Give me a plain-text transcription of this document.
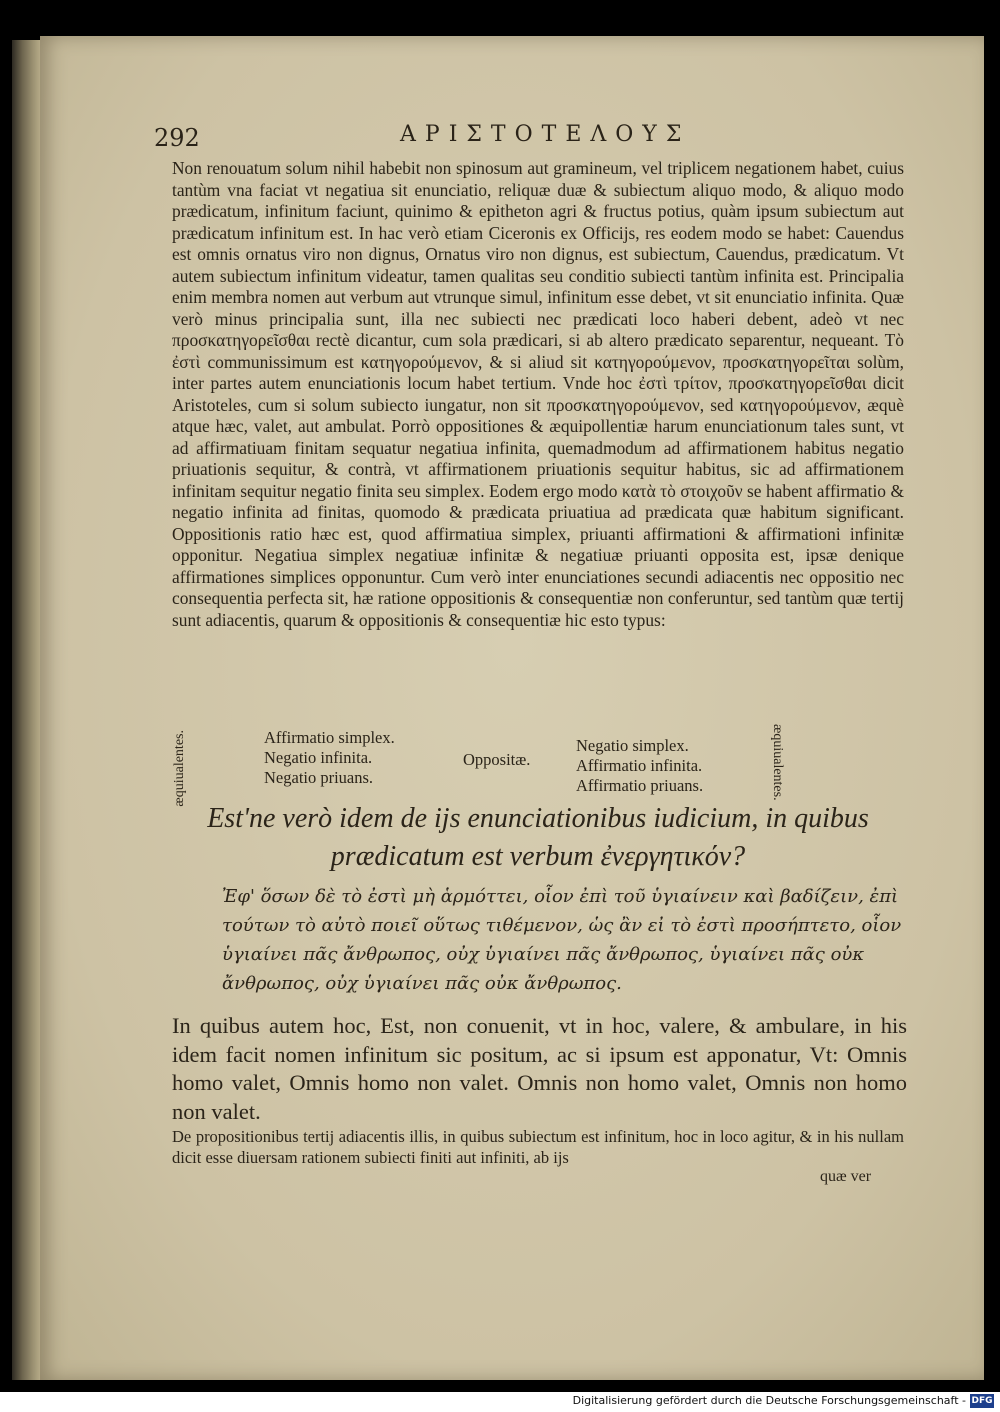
292	ΑΡΙΣΤΟΤΕΛΟΥΣ
Non renouatum solum nihil habebit non spinosum aut gramineum, vel triplicem negationem habet, cuius tantùm vna faciat vt negatiua sit enunciatio, reliquæ duæ & subiectum aliquo modo, & aliquo modo prædicatum, infinitum faciunt, quinimo & epitheton agri & fructus potius, quàm ipsum subiectum aut prædicatum infinitum est. In hac verò etiam Ciceronis ex Officijs, res eodem modo se habet: Cauendus est omnis ornatus viro non dignus, Ornatus viro non dignus, est subiectum, Cauendus, prædicatum. Vt autem subiectum infinitum videatur, tamen qualitas seu conditio subiecti tantùm infinita est. Principalia enim membra nomen aut verbum aut vtrunque simul, infinitum esse debet, vt sit enunciatio infinita. Quæ verò minus principalia sunt, illa nec subiecti nec prædicati loco haberi debent, adeò vt nec προσκατηγορεῖσθαι rectè dicantur, cum sola prædicari, si ab altero prædicato separentur, nequeant. Τὸ ἐστὶ communissimum est κατηγορούμενον, & si aliud sit κατηγορούμενον, προσκατηγορεῖται solùm, inter partes autem enunciationis locum habet tertium. Vnde hoc ἐστὶ τρίτον, προσκατηγορεῖσθαι dicit Aristoteles, cum si solum subiecto iungatur, non sit προσκατηγορούμενον, sed κατηγορούμενον, æquè atque hæc, valet, aut ambulat. Porrò oppositiones & æquipollentiæ harum enunciationum tales sunt, vt ad affirmatiuam finitam sequatur negatiua infinita, quemadmodum ad affirmationem habitus negatio priuationis sequitur, & contrà, vt affirmationem priuationis sequitur habitus, sic ad affirmationem infinitam sequitur negatio finita seu simplex. Eodem ergo modo κατὰ τὸ στοιχοῦν se habent affirmatio & negatio infinita ad finitas, quomodo & prædicata priuatiua ad prædicata quæ habitum significant. Oppositionis ratio hæc est, quod affirmatiua simplex, priuanti affirmationi & affirmationi infinitæ opponitur. Negatiua simplex negatiuæ infinitæ & negatiuæ priuanti opposita est, ipsæ denique affirmationes simplices opponuntur. Cum verò inter enunciationes secundi adiacentis nec oppositio nec consequentia perfecta sit, hæ ratione oppositionis & consequentiæ non conferuntur, sed tantùm quæ tertij sunt adiacentis, quarum & oppositionis & consequentiæ hic esto typus:
æquiualentes.	Affirmatio simplex.
Negatio infinita.
Negatio priuans.
Oppositæ.
Negatio simplex.
Affirmatio infinita.
Affirmatio priuans.	æquiualentes.
Est'ne verò idem de ijs enunciationibus iudicium, in quibus prædicatum est verbum ἐνεργητικόν?
Ἐφ' ὅσων δὲ τὸ ἐστὶ μὴ ἁρμόττει, οἷον ἐπὶ τοῦ ὑγιαίνειν καὶ βαδίζειν, ἐπὶ τούτων τὸ αὐτὸ ποιεῖ οὕτως τιθέμενον, ὡς ἂν εἰ τὸ ἐστὶ προσήπτετο, οἷον ὑγιαίνει πᾶς ἄνθρωπος, οὐχ ὑγιαίνει πᾶς ἄνθρωπος, ὑγιαίνει πᾶς οὐκ ἄνθρωπος, οὐχ ὑγιαίνει πᾶς οὐκ ἄνθρωπος.
In quibus autem hoc, Est, non conuenit, vt in hoc, valere, & ambulare, in his idem facit nomen infinitum sic positum, ac si ipsum est apponatur, Vt: Omnis homo valet, Omnis homo non valet. Omnis non homo valet, Omnis non homo non valet.
De propositionibus tertij adiacentis illis, in quibus subiectum est infinitum, hoc in loco agitur, & in his nullam dicit esse diuersam rationem subiecti finiti aut infiniti, ab ijs
quæ ver
Digitalisierung gefördert durch die Deutsche Forschungsgemeinschaft - DFG
